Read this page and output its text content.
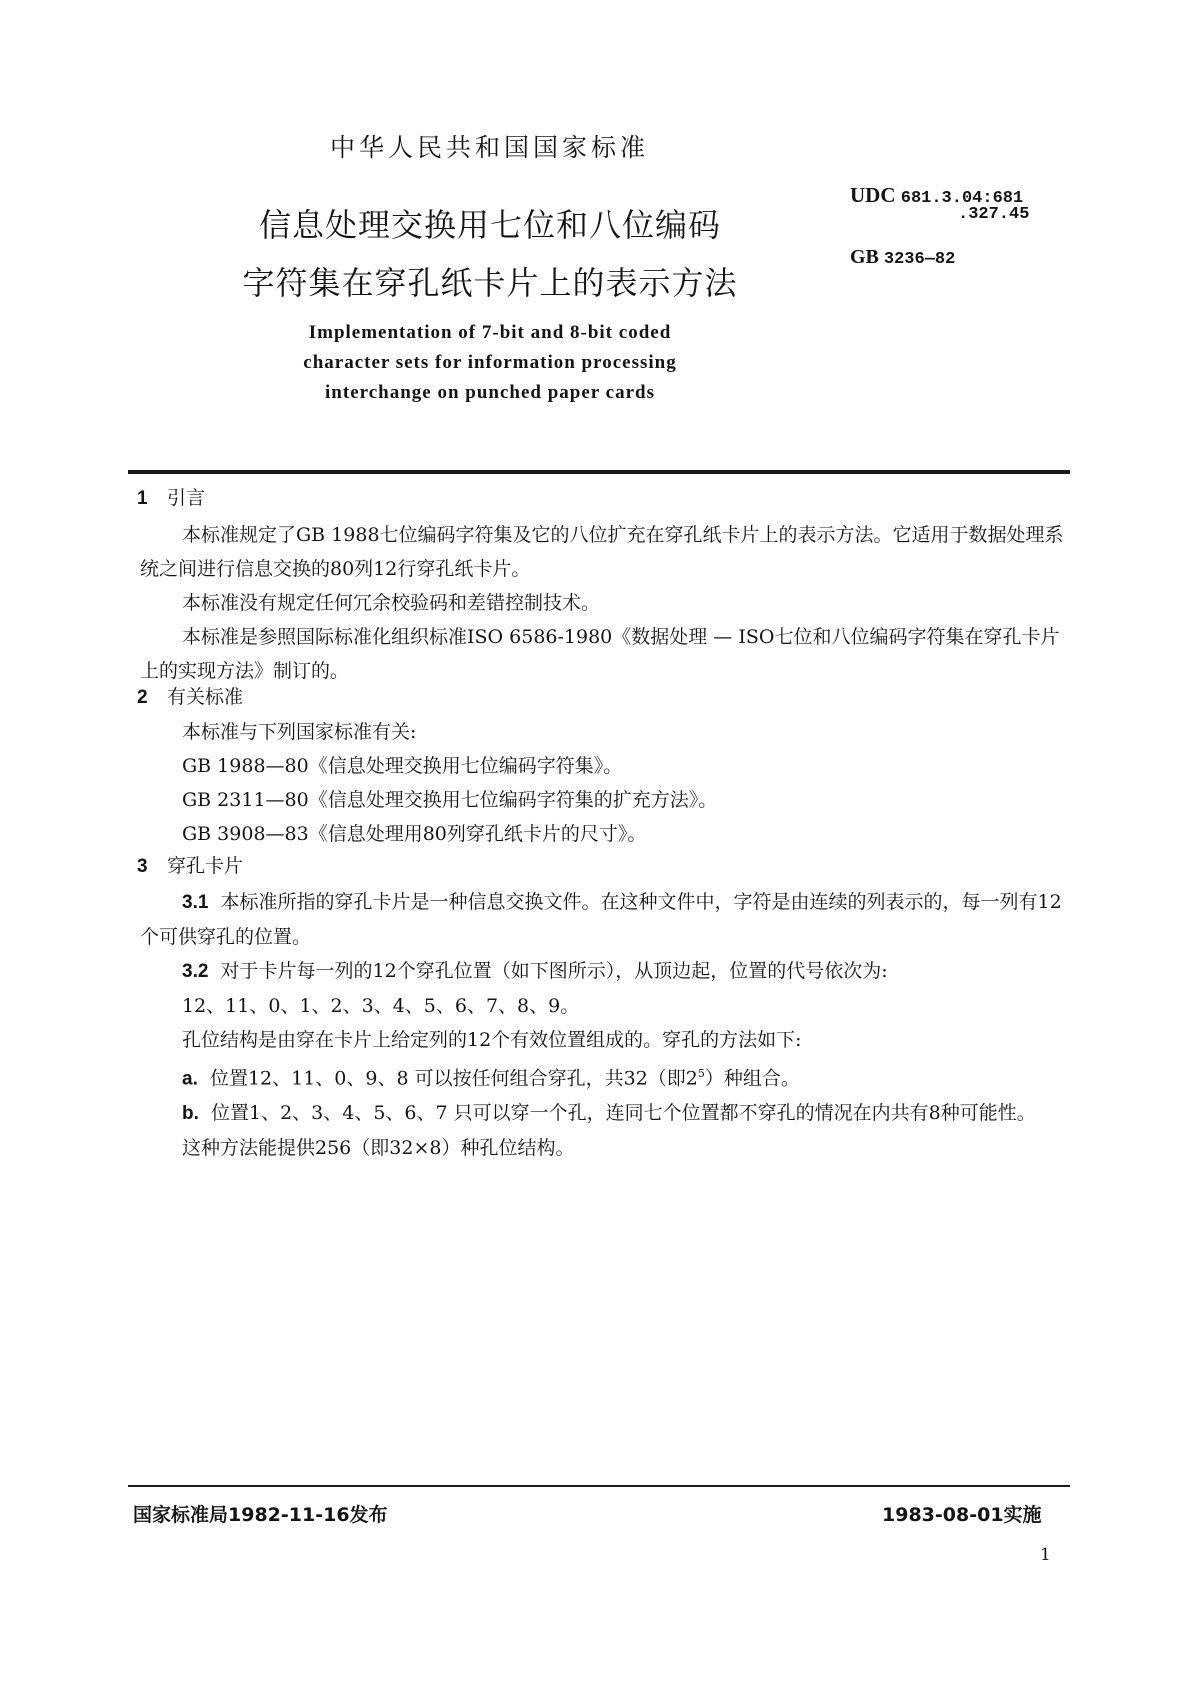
中华人民共和国国家标准
UDC 681.3.04:681
.327.45
GB 3236—82
信息处理交换用七位和八位编码
字符集在穿孔纸卡片上的表示方法
Implementation of 7-bit and 8-bit coded
character sets for information processing
interchange on punched paper cards
1 引言

本标准规定了GB 1988七位编码字符集及它的八位扩充在穿孔纸卡片上的表示方法。它适用于数据处理系统之间进行信息交换的80列12行穿孔纸卡片。

本标准没有规定任何冗余校验码和差错控制技术。

本标准是参照国际标准化组织标准ISO 6586-1980《数据处理 — ISO七位和八位编码字符集在穿孔卡片上的实现方法》制订的。

2 有关标准

本标准与下列国家标准有关:

GB 1988—80《信息处理交换用七位编码字符集》。

GB 2311—80《信息处理交换用七位编码字符集的扩充方法》。

GB 3908—83《信息处理用80列穿孔纸卡片的尺寸》。

3 穿孔卡片

3.1 本标准所指的穿孔卡片是一种信息交换文件。在这种文件中，字符是由连续的列表示的，每一列有12个可供穿孔的位置。

3.2 对于卡片每一列的12个穿孔位置（如下图所示），从顶边起，位置的代号依次为:

12、11、0、1、2、3、4、5、6、7、8、9。

孔位结构是由穿在卡片上给定列的12个有效位置组成的。穿孔的方法如下:

a. 位置12、11、0、9、8 可以按任何组合穿孔，共32（即$2^5$）种组合。

b. 位置1、2、3、4、5、6、7 只可以穿一个孔，连同七个位置都不穿孔的情况在内共有8种可能性。

这种方法能提供256（即32×8）种孔位结构。

国家标准局1982-11-16发布	1983-08-01实施
1
